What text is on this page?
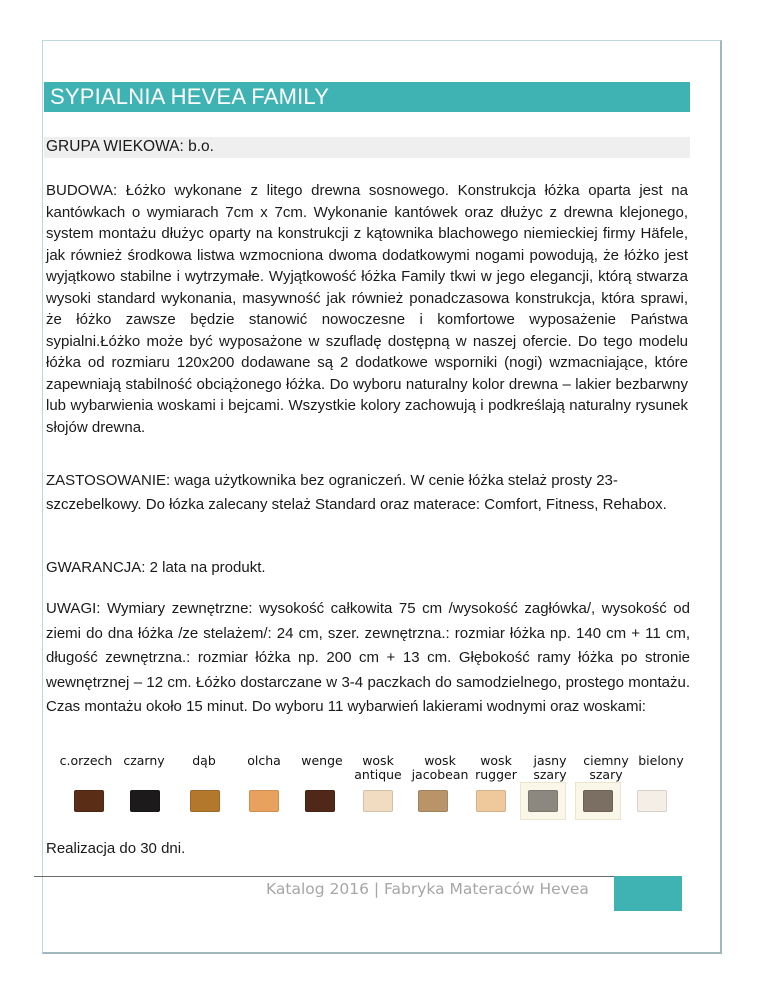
SYPIALNIA HEVEA FAMILY
GRUPA WIEKOWA: b.o.

BUDOWA: Łóżko wykonane z litego drewna sosnowego. Konstrukcja łóżka oparta jest na kantówkach o wymiarach 7cm x 7cm. Wykonanie kantówek oraz dłużyc z drewna klejonego, system montażu dłużyc oparty na konstrukcji z kątownika blachowego niemieckiej firmy Häfele, jak również środkowa listwa wzmocniona dwoma dodatkowymi nogami powodują, że łóżko jest wyjątkowo stabilne i wytrzymałe. Wyjątkowość łóżka Family tkwi w jego elegancji, którą stwarza wysoki standard wykonania, masywność jak również ponadczasowa konstrukcja, która sprawi, że łóżko zawsze będzie stanowić nowoczesne i komfortowe wyposażenie Państwa sypialni.Łóżko może być wyposażone w szufladę dostępną w naszej ofercie. Do tego modelu łóżka od rozmiaru 120x200 dodawane są 2 dodatkowe wsporniki (nogi) wzmacniające, które zapewniają stabilność obciążonego łóżka. Do wyboru naturalny kolor drewna – lakier bezbarwny lub wybarwienia woskami i bejcami. Wszystkie kolory zachowują i podkreślają naturalny rysunek słojów drewna.

ZASTOSOWANIE: waga użytkownika bez ograniczeń. W cenie łóżka stelaż prosty 23-szczebelkowy. Do łózka zalecany stelaż Standard oraz materace: Comfort, Fitness, Rehabox.

GWARANCJA: 2 lata na produkt.

UWAGI: Wymiary zewnętrzne: wysokość całkowita 75 cm /wysokość zagłówka/, wysokość od ziemi do dna łóżka /ze stelażem/: 24 cm, szer. zewnętrzna.: rozmiar łóżka np. 140 cm + 11 cm, długość zewnętrzna.: rozmiar łóżka np. 200 cm + 13 cm. Głębokość ramy łóżka po stronie wewnętrznej – 12 cm. Łóżko dostarczane w 3-4 paczkach do samodzielnego, prostego montażu. Czas montażu około 15 minut. Do wyboru 11 wybarwień lakierami wodnymi oraz woskami:

c.orzech czarny	dąb	olcha	wenge	wosk antique
wosk jacobean
wosk rugger
jasny szary
ciemny szary
bielony

Realizacja do 30 dni.

Katalog 2016 | Fabryka Materaców Hevea
